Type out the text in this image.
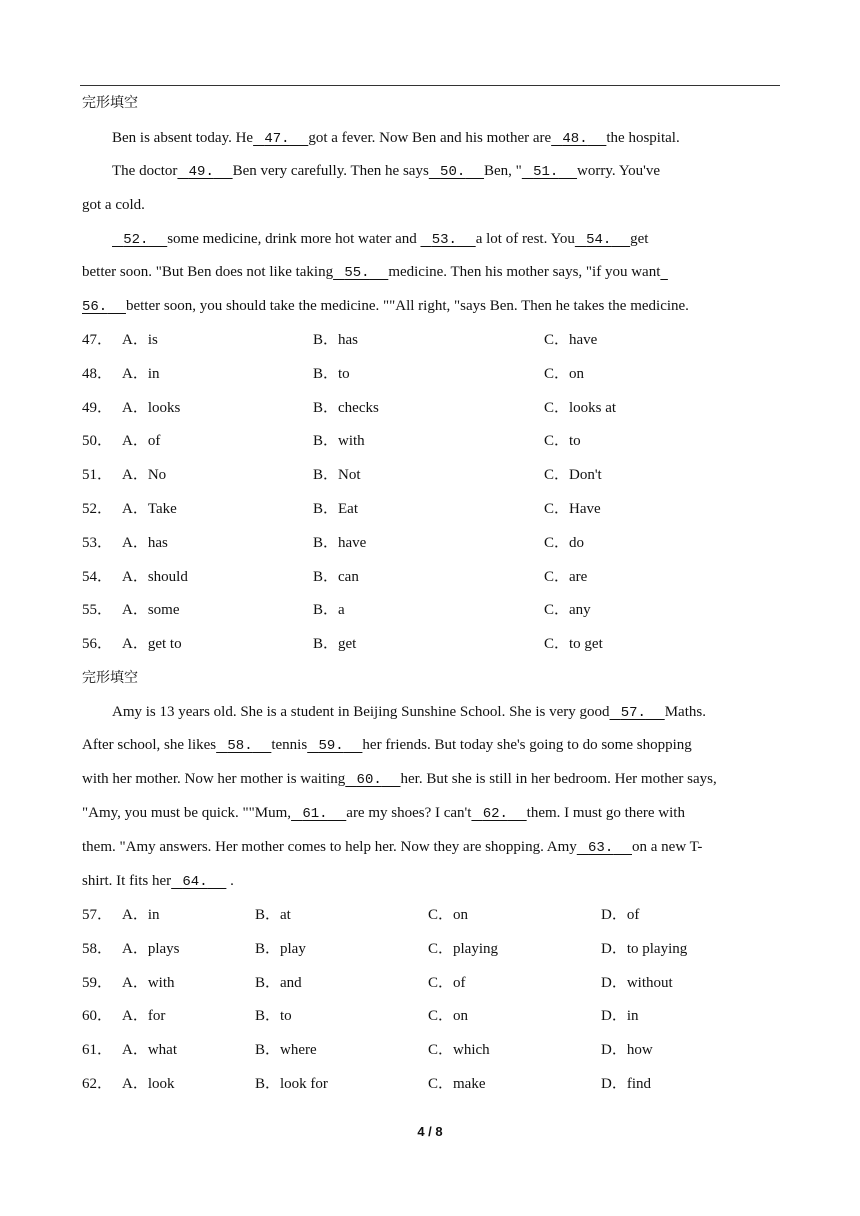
完形填空
Ben is absent today. He 47. got a fever. Now Ben and his mother are 48. the hospital.
The doctor 49. Ben very carefully. Then he says 50. Ben, " 51. worry. You've
got a cold.
52. some medicine, drink more hot water and    53. a lot of rest. You 54. get
better soon. "But Ben does not like taking 55. medicine. Then his mother says, "if you want
56. better soon, you should take the medicine. ""All right, "says Ben. Then he takes the medicine.
47． A．is	B．has	C．have
48． A．in	B．to	C．on
49． A．looks	B．checks	C．looks at
50． A．of	B．with	C．to
51． A．No	B．Not	C．Don't
52． A．Take	B．Eat	C．Have
53． A．has	B．have	C．do
54． A．should	B．can	C．are
55． A．some	B．a	C．any
56． A．get to	B．get	C．to get
完形填空
Amy is 13 years old. She is a student in Beijing Sunshine School. She is very good 57. Maths.
After school, she likes 58. tennis 59. her friends. But today she's going to do some shopping
with her mother. Now her mother is waiting 60. her. But she is still in her bedroom. Her mother says,
"Amy, you must be quick. ""Mum, 61. are my shoes? I can't 62. them. I must go there with
them. "Amy answers. Her mother comes to help her. Now they are shopping. Amy 63. on a new T-
shirt. It fits her 64.      .
57． A．in	B．at	C．on	D．of
58． A．plays	B．play	C．playing	D．to playing
59． A．with	B．and	C．of	D．without
60． A．for	B．to	C．on	D．in
61． A．what	B．where	C．which	D．how
62． A．look	B．look for	C．make	D．find
4 / 8
